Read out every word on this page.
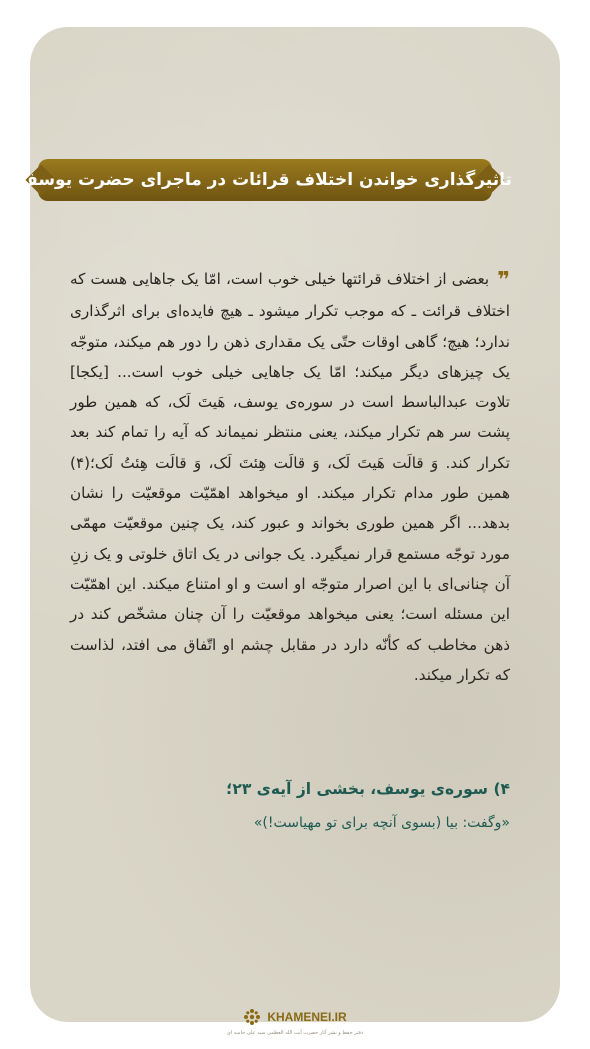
تاثیرگذاری خواندن اختلاف قرائات در ماجرای حضرت یوسف
❞بعضی از اختلاف قرائتها خیلی خوب است، امّا یک جاهایی هست که اختلاف قرائت ـ که موجب تکرار میشود ـ هیچ فایده‌ای برای اثرگذاری ندارد؛ هیچ؛ گاهی اوقات حتّی یک مقداری ذهن را دور هم میکند، متوجّه یک چیزهای دیگر میکند؛ امّا یک جاهایی خیلی خوب است... [یکجا] تلاوت عبدالباسط است در سوره‌ی یوسف، هَیتَ لَک، که همین طور پشت سر هم تکرار میکند، یعنی منتظر نمیماند که آیه را تمام کند بعد تکرار کند. وَ قالَت هَیتَ لَک، وَ قالَت هِئتَ لَک، وَ قالَت هِئتُ لَک؛(۴) همین طور مدام تکرار میکند. او میخواهد اهمّیّت موقعیّت را نشان بدهد... اگر همین طوری بخواند و عبور کند، یک چنین موقعیّت مهمّی مورد توجّه مستمع قرار نمیگیرد. یک جوانی در یک اتاق خلوتی و یک زنِ آن چنانی‌ای با این اصرار متوجّه او است و او امتناع میکند. این اهمّیّت این مسئله است؛ یعنی میخواهد موقعیّت را آن چنان مشخّص کند در ذهن مخاطب که کأنّه دارد در مقابل چشم او اتّفاق می افتد، لذاست که تکرار میکند.
۴) سوره‌ی یوسف، بخشی از آیه‌ی ۲۳؛
«وگفت: بیا (بسوی آنچه برای تو مهیاست!)»
KHAMENEI.IR
دفتر حفظ و نشر آثار حضرت آیت الله العظمی سید علی خامنه ای
